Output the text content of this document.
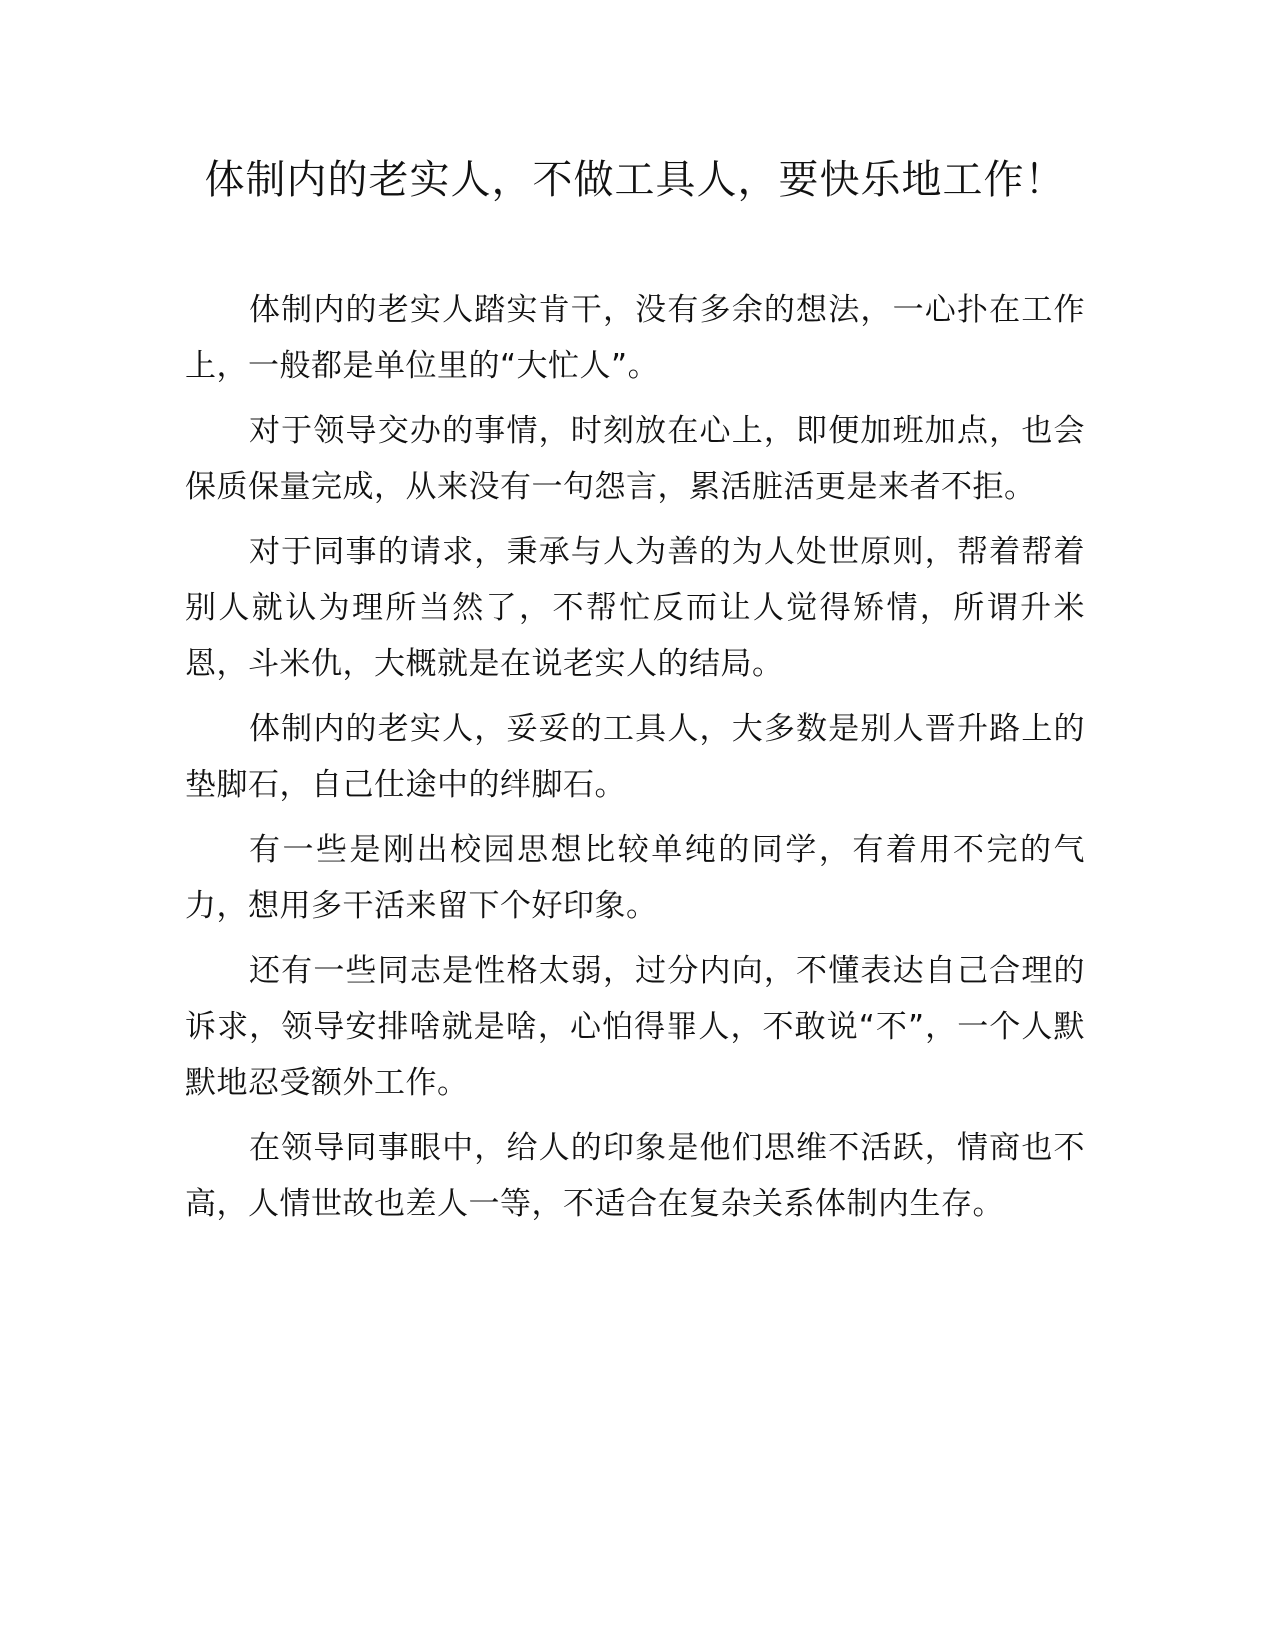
体制内的老实人，不做工具人，要快乐地工作！

体制内的老实人踏实肯干，没有多余的想法，一心扑在工作上，一般都是单位里的“大忙人”。

对于领导交办的事情，时刻放在心上，即便加班加点，也会保质保量完成，从来没有一句怨言，累活脏活更是来者不拒。

对于同事的请求，秉承与人为善的为人处世原则，帮着帮着别人就认为理所当然了，不帮忙反而让人觉得矫情，所谓升米恩，斗米仇，大概就是在说老实人的结局。

体制内的老实人，妥妥的工具人，大多数是别人晋升路上的垫脚石，自己仕途中的绊脚石。

有一些是刚出校园思想比较单纯的同学，有着用不完的气力，想用多干活来留下个好印象。

还有一些同志是性格太弱，过分内向，不懂表达自己合理的诉求，领导安排啥就是啥，心怕得罪人，不敢说“不”，一个人默默地忍受额外工作。

在领导同事眼中，给人的印象是他们思维不活跃，情商也不高，人情世故也差人一等，不适合在复杂关系体制内生存。
